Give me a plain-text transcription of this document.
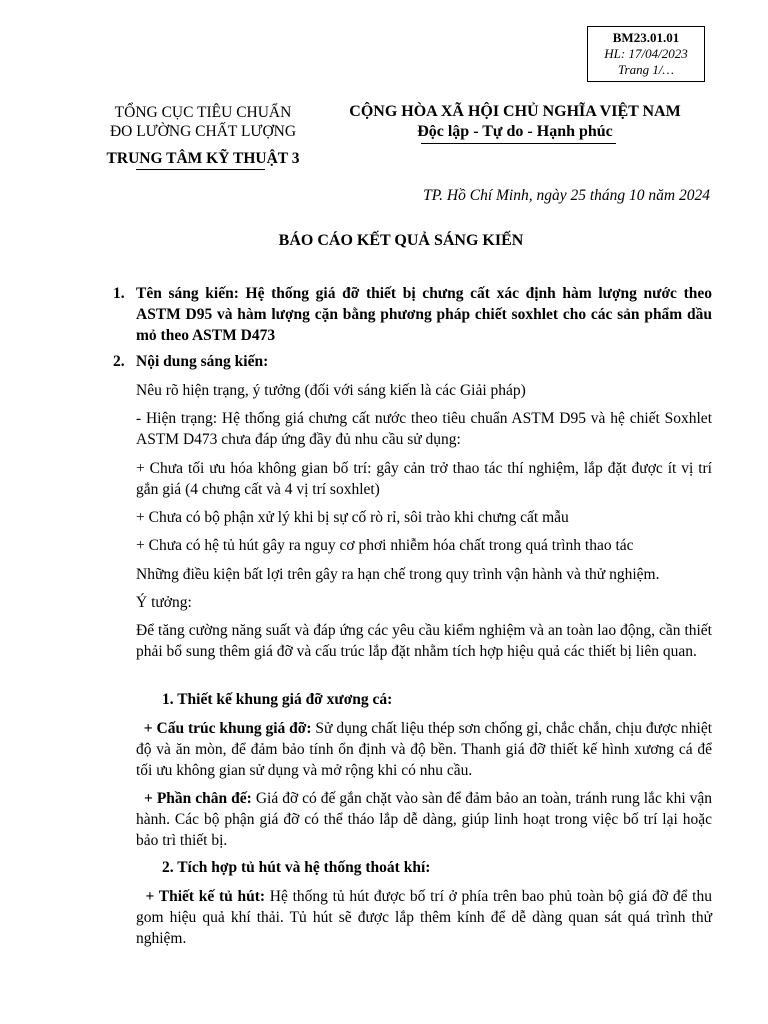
BM23.01.01
HL: 17/04/2023
Trang 1/…
TỔNG CỤC TIÊU CHUẨN
ĐO LƯỜNG CHẤT LƯỢNG
TRUNG TÂM KỸ THUẬT 3
CỘNG HÒA XÃ HỘI CHỦ NGHĨA VIỆT NAM
Độc lập - Tự do - Hạnh phúc
TP. Hồ Chí Minh, ngày 25 tháng 10 năm 2024
BÁO CÁO KẾT QUẢ SÁNG KIẾN
1. Tên sáng kiến: Hệ thống giá đỡ thiết bị chưng cất xác định hàm lượng nước theo ASTM D95 và hàm lượng cặn bằng phương pháp chiết soxhlet cho các sản phẩm dầu mỏ theo ASTM D473
2. Nội dung sáng kiến:
Nêu rõ hiện trạng, ý tưởng (đối với sáng kiến là các Giải pháp)
- Hiện trạng: Hệ thống giá chưng cất nước theo tiêu chuẩn ASTM D95 và hệ chiết Soxhlet ASTM D473 chưa đáp ứng đầy đủ nhu cầu sử dụng:
+ Chưa tối ưu hóa không gian bố trí: gây cản trở thao tác thí nghiệm, lắp đặt được ít vị trí gắn giá (4 chưng cất và 4 vị trí soxhlet)
+ Chưa có bộ phận xử lý khi bị sự cố rò rỉ, sôi trào khi chưng cất mẫu
+ Chưa có hệ tủ hút gây ra nguy cơ phơi nhiễm hóa chất trong quá trình thao tác
Những điều kiện bất lợi trên gây ra hạn chế trong quy trình vận hành và thử nghiệm.
Ý tưởng:
Để tăng cường năng suất và đáp ứng các yêu cầu kiểm nghiệm và an toàn lao động, cần thiết phải bổ sung thêm giá đỡ và cấu trúc lắp đặt nhằm tích hợp hiệu quả các thiết bị liên quan.
1. Thiết kế khung giá đỡ xương cá:
+ Cấu trúc khung giá đỡ: Sử dụng chất liệu thép sơn chống gỉ, chắc chắn, chịu được nhiệt độ và ăn mòn, để đảm bảo tính ổn định và độ bền. Thanh giá đỡ thiết kế hình xương cá để tối ưu không gian sử dụng và mở rộng khi có nhu cầu.
+ Phần chân đế: Giá đỡ có đế gắn chặt vào sàn để đảm bảo an toàn, tránh rung lắc khi vận hành. Các bộ phận giá đỡ có thể tháo lắp dễ dàng, giúp linh hoạt trong việc bố trí lại hoặc bảo trì thiết bị.
2. Tích hợp tủ hút và hệ thống thoát khí:
+ Thiết kế tủ hút: Hệ thống tủ hút được bố trí ở phía trên bao phủ toàn bộ giá đỡ để thu gom hiệu quả khí thải. Tủ hút sẽ được lắp thêm kính để dễ dàng quan sát quá trình thử nghiệm.
